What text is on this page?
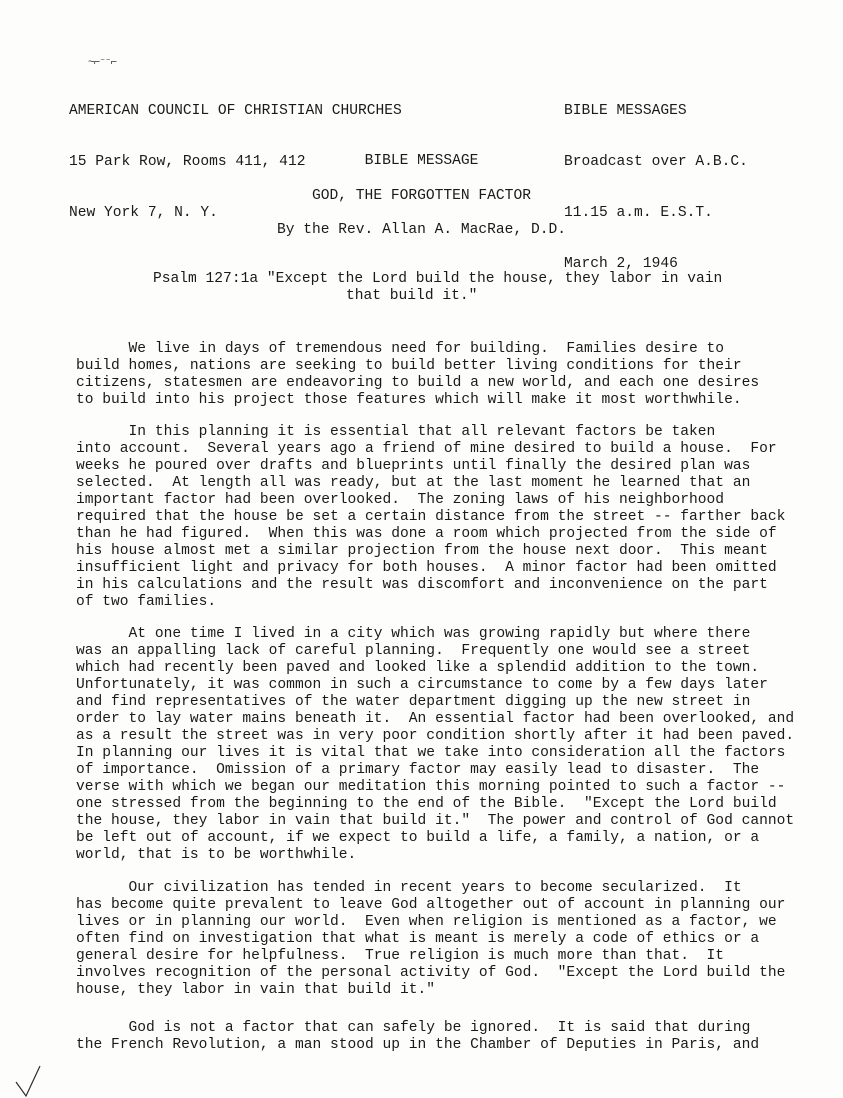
~⌐⁻⁻⌐

AMERICAN COUNCIL OF CHRISTIAN CHURCHES

15 Park Row, Rooms 411, 412

New York 7, N. Y.

BIBLE MESSAGES

Broadcast over A.B.C.

11.15 a.m. E.S.T.

March 2, 1946

BIBLE MESSAGE
GOD, THE FORGOTTEN FACTOR
By the Rev. Allan A. MacRae, D.D.
Psalm 127:1a "Except the Lord build the house, they labor in vain
that build it."
We live in days of tremendous need for building.  Families desire to
build homes, nations are seeking to build better living conditions for their
citizens, statesmen are endeavoring to build a new world, and each one desires
to build into his project those features which will make it most worthwhile.
In this planning it is essential that all relevant factors be taken
into account.  Several years ago a friend of mine desired to build a house.  For
weeks he poured over drafts and blueprints until finally the desired plan was
selected.  At length all was ready, but at the last moment he learned that an
important factor had been overlooked.  The zoning laws of his neighborhood
required that the house be set a certain distance from the street -- farther back
than he had figured.  When this was done a room which projected from the side of
his house almost met a similar projection from the house next door.  This meant
insufficient light and privacy for both houses.  A minor factor had been omitted
in his calculations and the result was discomfort and inconvenience on the part
of two families.
At one time I lived in a city which was growing rapidly but where there
was an appalling lack of careful planning.  Frequently one would see a street
which had recently been paved and looked like a splendid addition to the town.
Unfortunately, it was common in such a circumstance to come by a few days later
and find representatives of the water department digging up the new street in
order to lay water mains beneath it.  An essential factor had been overlooked, and
as a result the street was in very poor condition shortly after it had been paved.
In planning our lives it is vital that we take into consideration all the factors
of importance.  Omission of a primary factor may easily lead to disaster.  The
verse with which we began our meditation this morning pointed to such a factor --
one stressed from the beginning to the end of the Bible.  "Except the Lord build
the house, they labor in vain that build it."  The power and control of God cannot
be left out of account, if we expect to build a life, a family, a nation, or a
world, that is to be worthwhile.
Our civilization has tended in recent years to become secularized.  It
has become quite prevalent to leave God altogether out of account in planning our
lives or in planning our world.  Even when religion is mentioned as a factor, we
often find on investigation that what is meant is merely a code of ethics or a
general desire for helpfulness.  True religion is much more than that.  It
involves recognition of the personal activity of God.  "Except the Lord build the
house, they labor in vain that build it."
God is not a factor that can safely be ignored.  It is said that during
the French Revolution, a man stood up in the Chamber of Deputies in Paris, and
